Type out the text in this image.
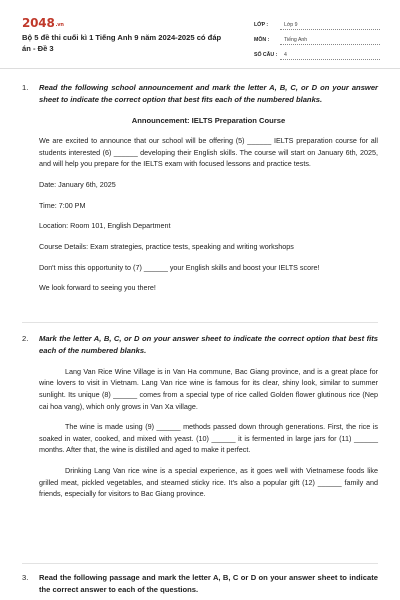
2048.vn
Bộ 5 đề thi cuối kì 1 Tiếng Anh 9 năm 2024-2025 có đáp án - Đề 3
LỚP :	Lớp 9
MÔN :	Tiếng Anh
SỐ CÂU :	4
1.	Read the following school announcement and mark the letter A, B, C, or D on your answer sheet to indicate the correct option that best fits each of the numbered blanks.
Announcement: IELTS Preparation Course
We are excited to announce that our school will be offering (5) ______ IELTS preparation course for all students interested (6) ______ developing their English skills. The course will start on January 6th, 2025, and will help you prepare for the IELTS exam with focused lessons and practice tests.
Date: January 6th, 2025
Time: 7:00 PM
Location: Room 101, English Department
Course Details: Exam strategies, practice tests, speaking and writing workshops
Don't miss this opportunity to (7) ______ your English skills and boost your IELTS score!
We look forward to seeing you there!
2.	Mark the letter A, B, C, or D on your answer sheet to indicate the correct option that best fits each of the numbered blanks.
Lang Van Rice Wine Village is in Van Ha commune, Bac Giang province, and is a great place for wine lovers to visit in Vietnam. Lang Van rice wine is famous for its clear, shiny look, similar to summer sunlight. Its unique (8) ______ comes from a special type of rice called Golden flower glutinous rice (Nep cai hoa vang), which only grows in Van Xa village.
The wine is made using (9) ______ methods passed down through generations. First, the rice is soaked in water, cooked, and mixed with yeast. (10) ______ it is fermented in large jars for (11) ______ months. After that, the wine is distilled and aged to make it perfect.
Drinking Lang Van rice wine is a special experience, as it goes well with Vietnamese foods like grilled meat, pickled vegetables, and steamed sticky rice. It's also a popular gift (12) ______ family and friends, especially for visitors to Bac Giang province.
3.	Read the following passage and mark the letter A, B, C or D on your answer sheet to indicate the correct answer to each of the questions.
